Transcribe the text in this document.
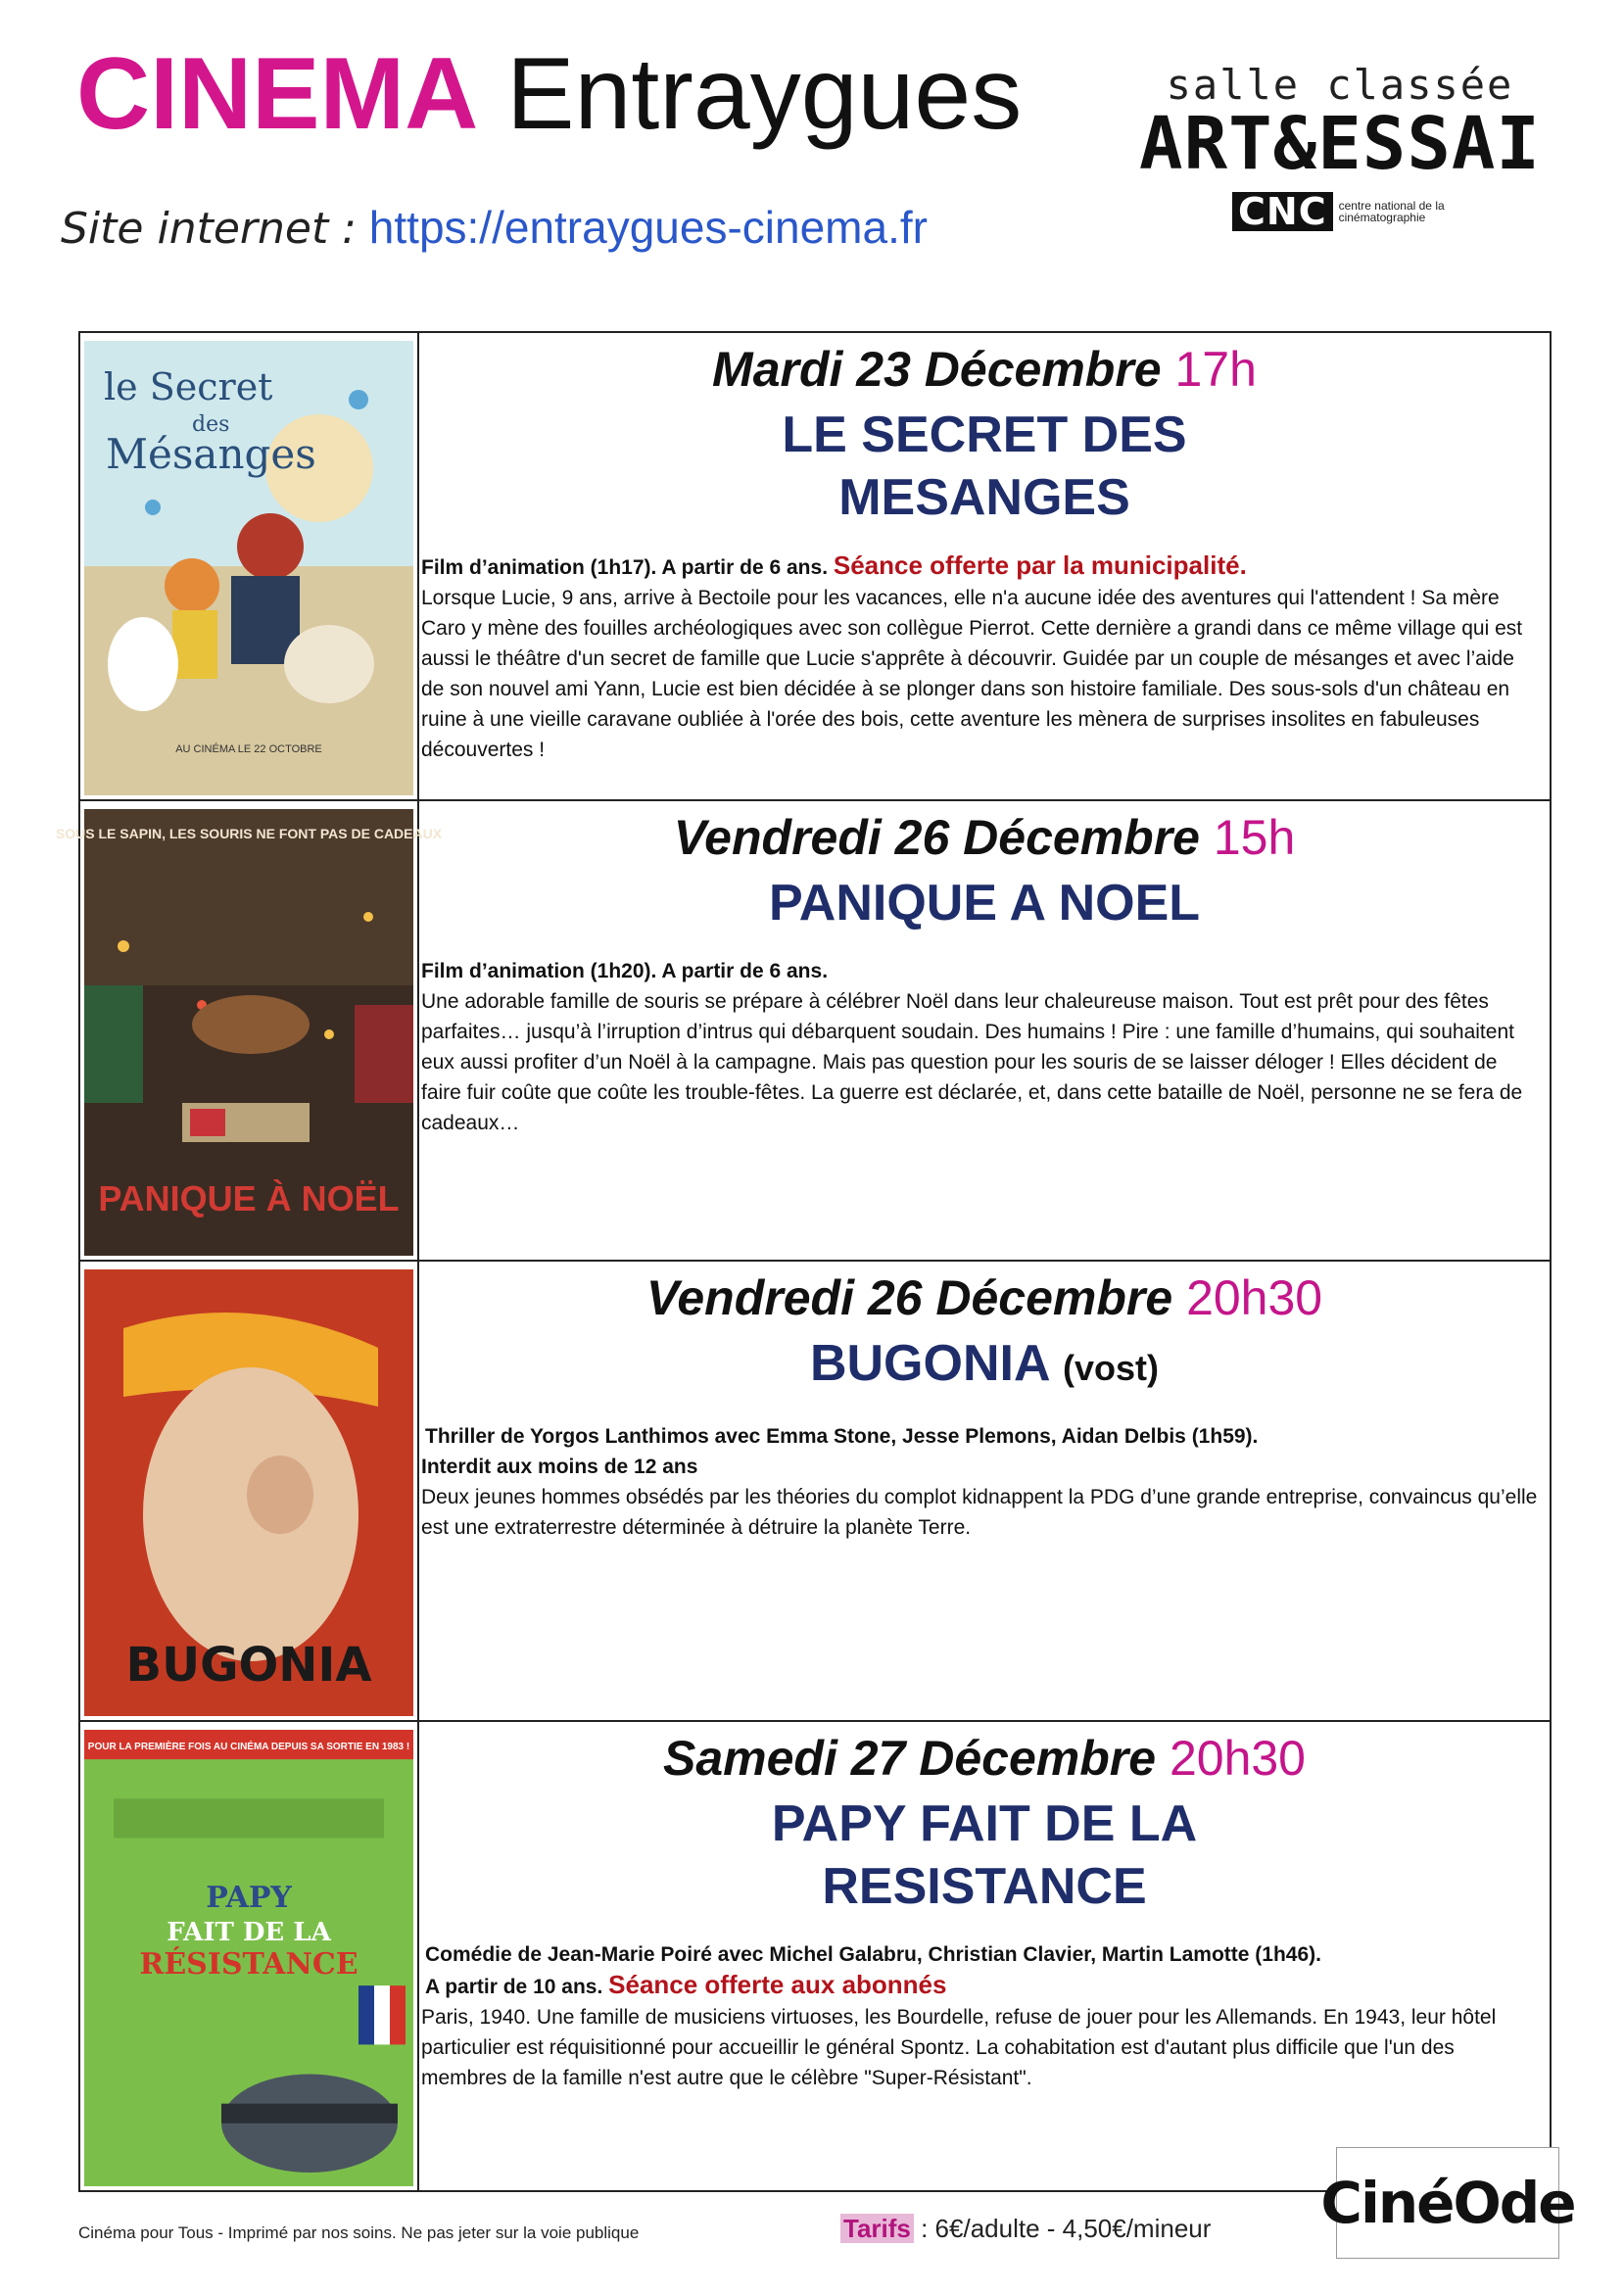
CINEMA Entraygues
Site internet : https://entraygues-cinema.fr
salle classée
ART&ESSAI
CNC	centre national de la cinématographie
le Secret
des
Mésanges
AU CINÉMA LE 22 OCTOBRE
Mardi 23 Décembre 17h
LE SECRET DES
MESANGES
Film d’animation (1h17). A partir de 6 ans. Séance offerte par la municipalité.
Lorsque Lucie, 9 ans, arrive à Bectoile pour les vacances, elle n'a aucune idée des aventures qui l'attendent ! Sa mère Caro y mène des fouilles archéologiques avec son collègue Pierrot. Cette dernière a grandi dans ce même village qui est aussi le théâtre d'un secret de famille que Lucie s'apprête à découvrir. Guidée par un couple de mésanges et avec l’aide de son nouvel ami Yann, Lucie est bien décidée à se plonger dans son histoire familiale. Des sous-sols d'un château en ruine à une vieille caravane oubliée à l'orée des bois, cette aventure les mènera de surprises insolites en fabuleuses découvertes !
SOUS LE SAPIN, LES SOURIS NE FONT PAS DE CADEAUX
PANIQUE À NOËL
Vendredi 26 Décembre 15h
PANIQUE A NOEL
Film d’animation (1h20). A partir de 6 ans.
Une adorable famille de souris se prépare à célébrer Noël dans leur chaleureuse maison. Tout est prêt pour des fêtes parfaites… jusqu’à l’irruption d’intrus qui débarquent soudain. Des humains ! Pire : une famille d’humains, qui souhaitent eux aussi profiter d’un Noël à la campagne. Mais pas question pour les souris de se laisser déloger ! Elles décident de faire fuir coûte que coûte les trouble-fêtes. La guerre est déclarée, et, dans cette bataille de Noël, personne ne se fera de cadeaux…
BUGONIA
Vendredi 26 Décembre 20h30
BUGONIA (vost)
Thriller de Yorgos Lanthimos avec Emma Stone, Jesse Plemons, Aidan Delbis (1h59).
Interdit aux moins de 12 ans
Deux jeunes hommes obsédés par les théories du complot kidnappent la PDG d’une grande entreprise, convaincus qu’elle est une extraterrestre déterminée à détruire la planète Terre.
POUR LA PREMIÈRE FOIS AU CINÉMA DEPUIS SA SORTIE EN 1983 !
PAPY
FAIT DE LA
RÉSISTANCE
Samedi 27 Décembre 20h30
PAPY FAIT DE LA
RESISTANCE
Comédie de Jean-Marie Poiré avec Michel Galabru, Christian Clavier, Martin Lamotte (1h46).
A partir de 10 ans. Séance offerte aux abonnés
Paris, 1940. Une famille de musiciens virtuoses, les Bourdelle, refuse de jouer pour les Allemands. En 1943, leur hôtel particulier est réquisitionné pour accueillir le général Spontz. La cohabitation est d'autant plus difficile que l'un des membres de la famille n'est autre que le célèbre "Super-Résistant".
Cinéma pour Tous - Imprimé par nos soins. Ne pas jeter sur la voie publique	Tarifs : 6€/adulte - 4,50€/mineur CinéOde
